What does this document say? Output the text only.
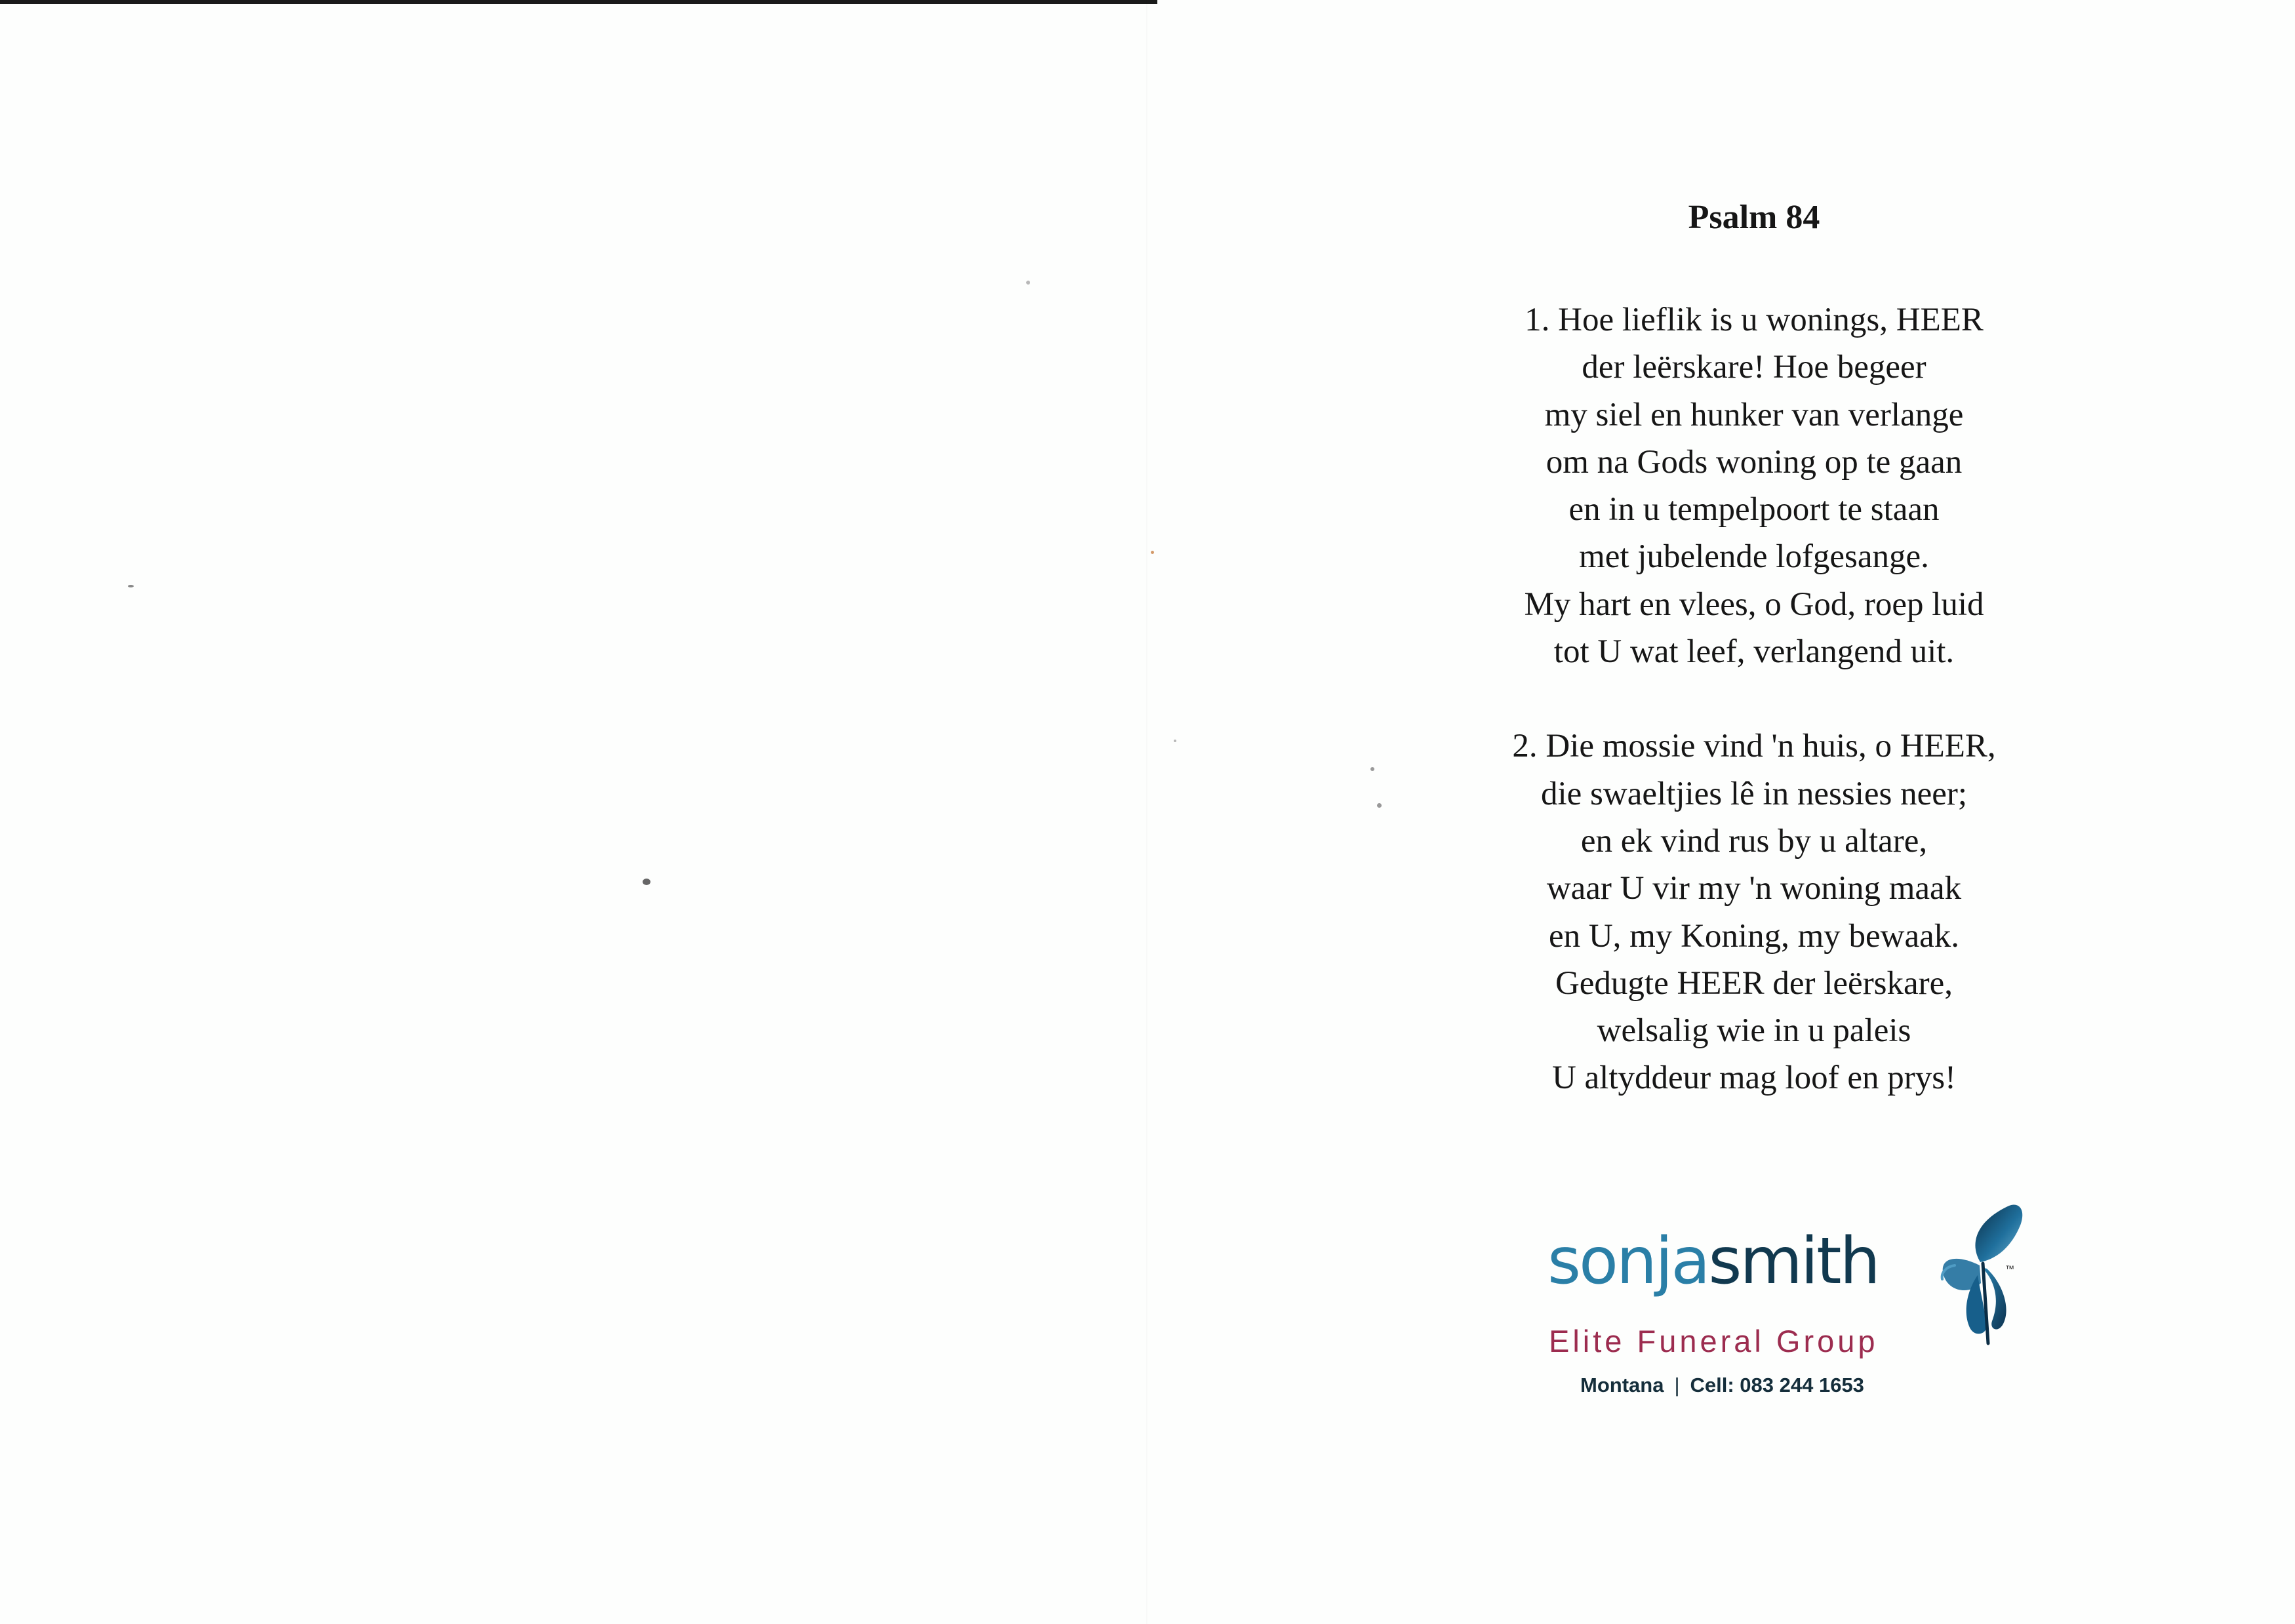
Psalm 84

1. Hoe lieflik is u wonings, HEER
der leërskare! Hoe begeer
my siel en hunker van verlange
om na Gods woning op te gaan
en in u tempelpoort te staan
met jubelende lofgesange.
My hart en vlees, o God, roep luid
tot U wat leef, verlangend uit.

2. Die mossie vind 'n huis, o HEER,
die swaeltjies lê in nessies neer;
en ek vind rus by u altare,
waar U vir my 'n woning maak
en U, my Koning, my bewaak.
Gedugte HEER der leërskare,
welsalig wie in u paleis
U altyddeur mag loof en prys!

sonjasmith	™
Elite Funeral Group
Montana | Cell: 083 244 1653
